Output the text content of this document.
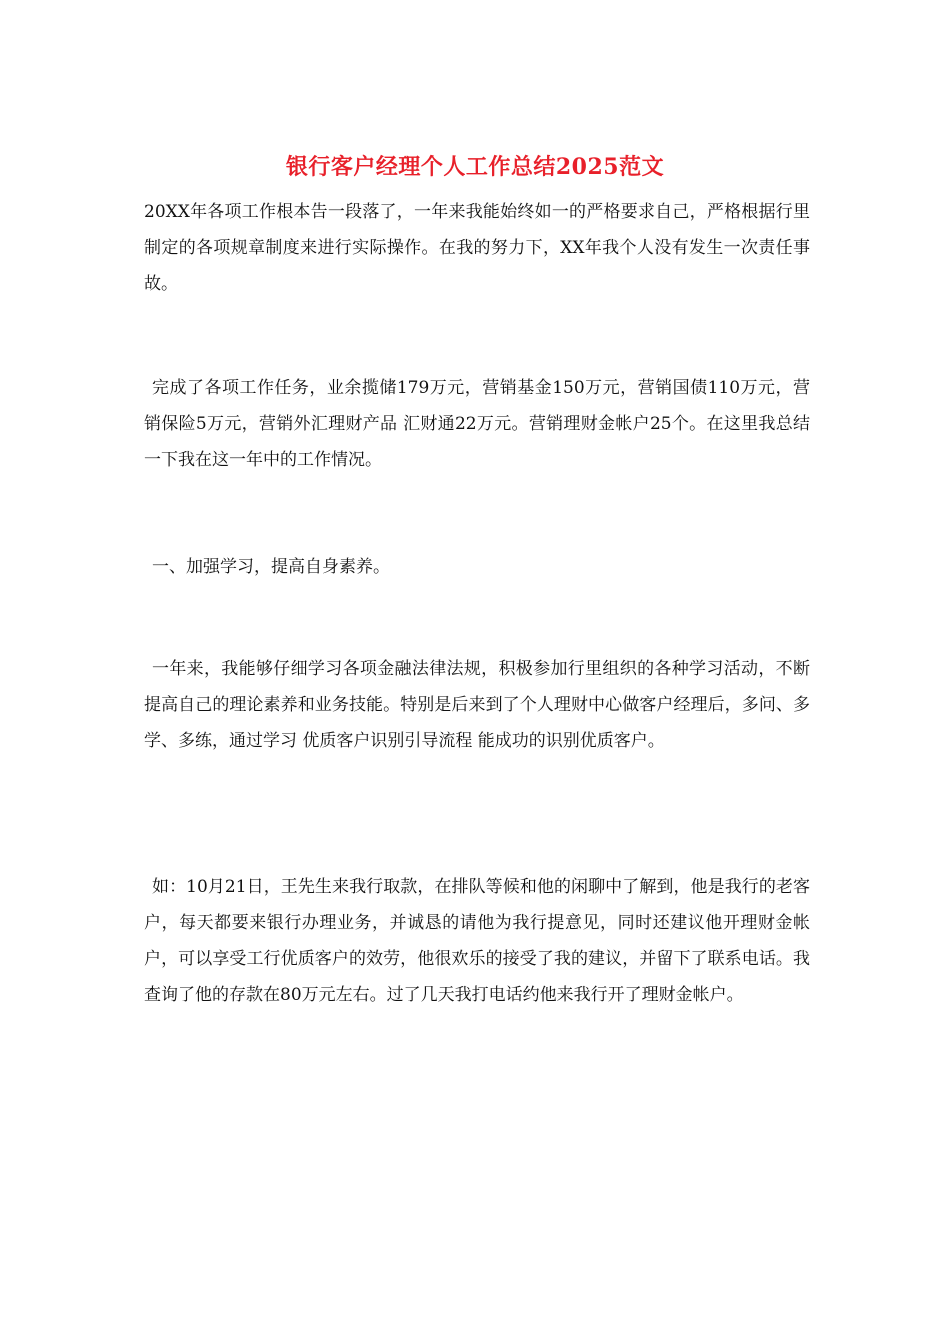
银行客户经理个人工作总结2025范文

20XX年各项工作根本告一段落了，一年来我能始终如一的严格要求自己，严格根据行里制定的各项规章制度来进行实际操作。在我的努力下，XX年我个人没有发生一次责任事故。

完成了各项工作任务，业余揽储179万元，营销基金150万元，营销国债110万元，营销保险5万元，营销外汇理财产品 汇财通22万元。营销理财金帐户25个。在这里我总结一下我在这一年中的工作情况。

一、加强学习，提高自身素养。

一年来，我能够仔细学习各项金融法律法规，积极参加行里组织的各种学习活动，不断提高自己的理论素养和业务技能。特别是后来到了个人理财中心做客户经理后，多问、多学、多练，通过学习 优质客户识别引导流程 能成功的识别优质客户。

如：10月21日，王先生来我行取款，在排队等候和他的闲聊中了解到，他是我行的老客户，每天都要来银行办理业务，并诚恳的请他为我行提意见，同时还建议他开理财金帐户，可以享受工行优质客户的效劳，他很欢乐的接受了我的建议，并留下了联系电话。我查询了他的存款在80万元左右。过了几天我打电话约他来我行开了理财金帐户。
